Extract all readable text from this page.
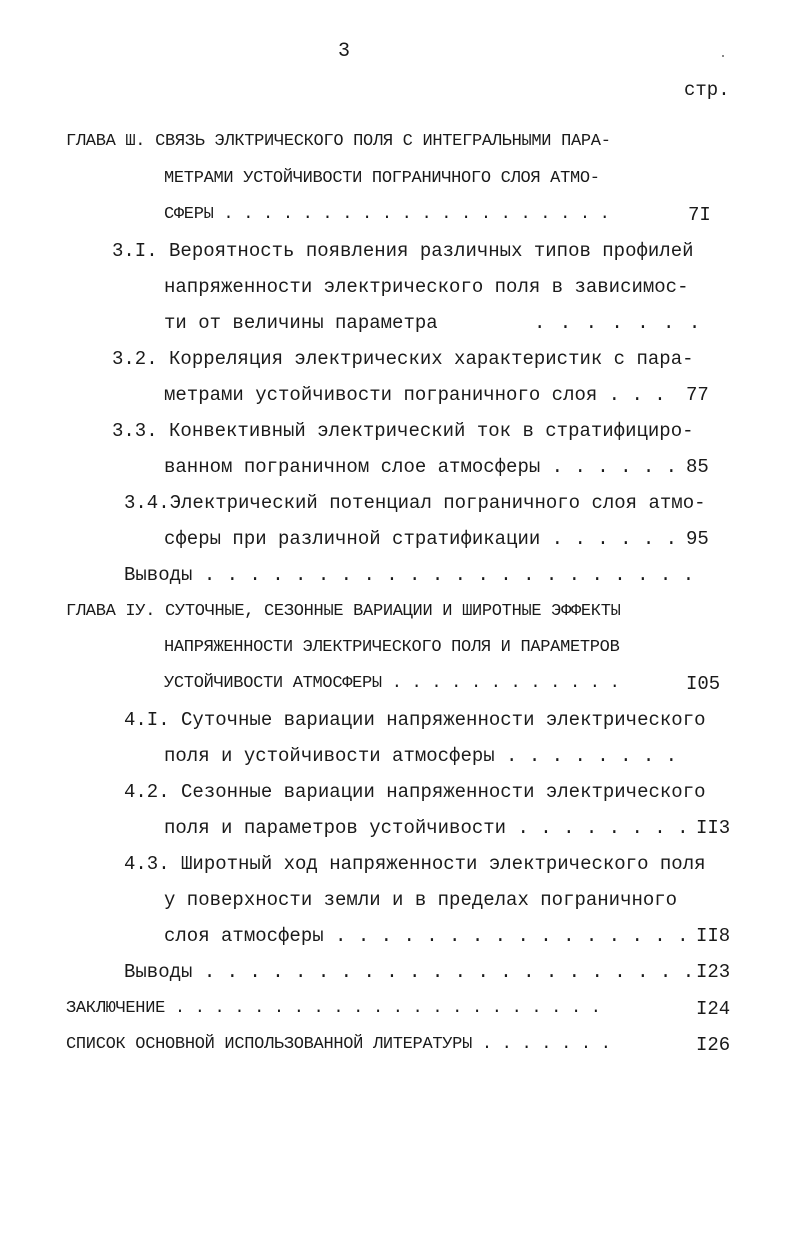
3
стр.
ГЛАВА Ш. СВЯЗЬ ЭЛКТРИЧЕСКОГО ПОЛЯ С ИНТЕГРАЛЬНЫМИ ПАРА-
МЕТРАМИ УСТОЙЧИВОСТИ ПОГРАНИЧНОГО СЛОЯ АТМО-
СФЕРЫ . . . . . . . . . . . . . . . . . . . .	7I
3.I. Вероятность появления различных типов профилей
напряженности электрического поля в зависимос-
ти от величины параметра	. . . . . . .
3.2. Корреляция электрических характеристик с пара-
метрами устойчивости пограничного слоя . . . 77
3.3. Конвективный электрический ток в стратифициро-
ванном пограничном слое атмосферы . . . . . . 85
3.4.Электрический потенциал пограничного слоя атмо-
сферы при различной стратификации . . . . . . 95
Выводы . . . . . . . . . . . . . . . . . . . . . .
ГЛАВА IУ. СУТОЧНЫЕ, СЕЗОННЫЕ ВАРИАЦИИ И ШИРОТНЫЕ ЭФФЕКТЫ
НАПРЯЖЕННОСТИ ЭЛЕКТРИЧЕСКОГО ПОЛЯ И ПАРАМЕТРОВ
УСТОЙЧИВОСТИ АТМОСФЕРЫ . . . . . . . . . . . .	I05
4.I. Суточные вариации напряженности электрического
поля и устойчивости атмосферы . . . . . . . .
4.2. Сезонные вариации напряженности электрического
поля и параметров устойчивости . . . . . . . . II3
4.3. Широтный ход напряженности электрического поля
у поверхности земли и в пределах пограничного
слоя атмосферы . . . . . . . . . . . . . . . . II8
Выводы . . . . . . . . . . . . . . . . . . . . . . I23
ЗАКЛЮЧЕНИЕ . . . . . . . . . . . . . . . . . . . . . .	I24
СПИСОК ОСНОВНОЙ ИСПОЛЬЗОВАННОЙ ЛИТЕРАТУРЫ . . . . . . .	I26
